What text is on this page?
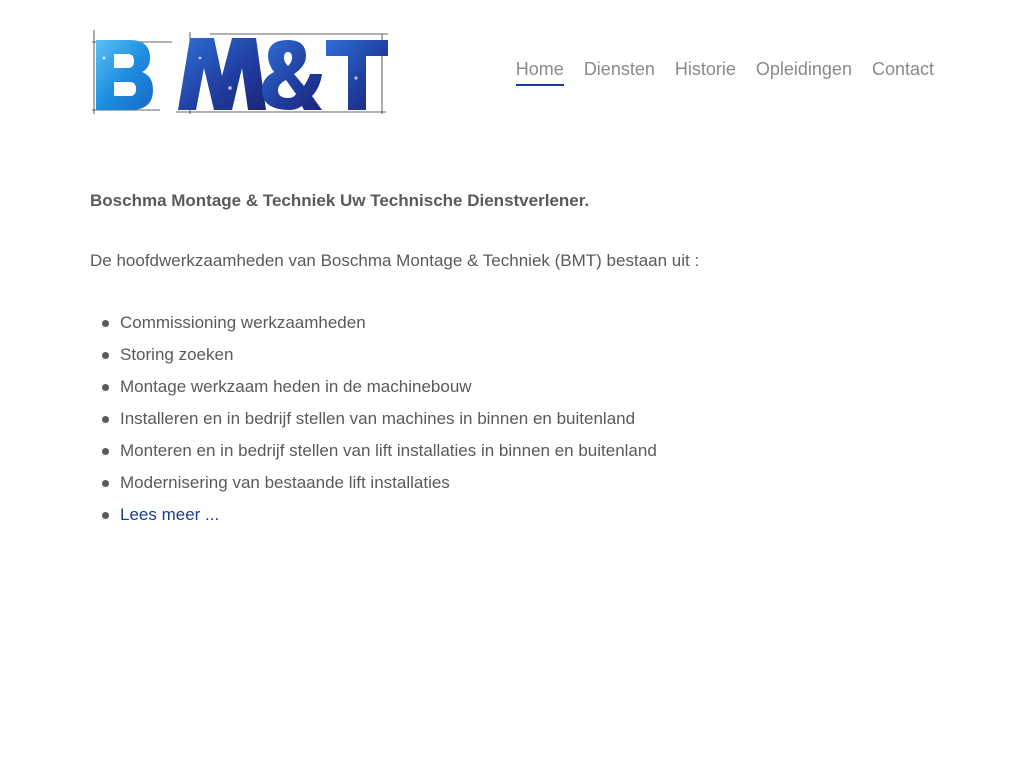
Home Diensten Historie Opleidingen Contact

Boschma Montage & Techniek Uw Technische Dienstverlener.

De hoofdwerkzaamheden van Boschma Montage & Techniek (BMT) bestaan uit :

Commissioning werkzaamheden
Storing zoeken
Montage werkzaam heden in de machinebouw
Installeren en in bedrijf stellen van machines in binnen en buitenland
Monteren en in bedrijf stellen van lift installaties in binnen en buitenland
Modernisering van bestaande lift installaties
Lees meer ...
